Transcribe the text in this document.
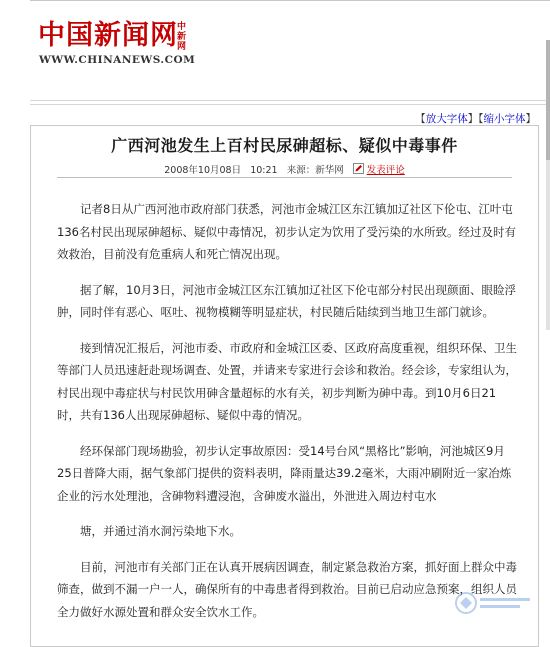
中国新闻网 中新网
WWW.CHINANEWS.COM
【放大字体】【缩小字体】
广西河池发生上百村民尿砷超标、疑似中毒事件
2008年10月08日 10:21 来源：新华网 发表评论

记者8日从广西河池市政府部门获悉，河池市金城江区东江镇加辽社区下伦屯、江叶屯136名村民出现尿砷超标、疑似中毒情况，初步认定为饮用了受污染的水所致。经过及时有效救治，目前没有危重病人和死亡情况出现。

据了解，10月3日，河池市金城江区东江镇加辽社区下伦屯部分村民出现颜面、眼睑浮肿，同时伴有恶心、呕吐、视物模糊等明显症状，村民随后陆续到当地卫生部门就诊。

接到情况汇报后，河池市委、市政府和金城江区委、区政府高度重视，组织环保、卫生等部门人员迅速赶赴现场调查、处置，并请来专家进行会诊和救治。经会诊，专家组认为，村民出现中毒症状与村民饮用砷含量超标的水有关，初步判断为砷中毒。到10月6日21时，共有136人出现尿砷超标、疑似中毒的情况。

经环保部门现场勘验，初步认定事故原因：受14号台风“黑格比”影响，河池城区9月25日普降大雨，据气象部门提供的资料表明，降雨量达39.2毫米，大雨冲刷附近一家冶炼企业的污水处理池，含砷物料遭浸泡，含砷废水溢出，外泄进入周边村屯水

塘，并通过消水洞污染地下水。

目前，河池市有关部门正在认真开展病因调查，制定紧急救治方案，抓好面上群众中毒筛查，做到不漏一户一人，确保所有的中毒患者得到救治。目前已启动应急预案，组织人员全力做好水源处置和群众安全饮水工作。
